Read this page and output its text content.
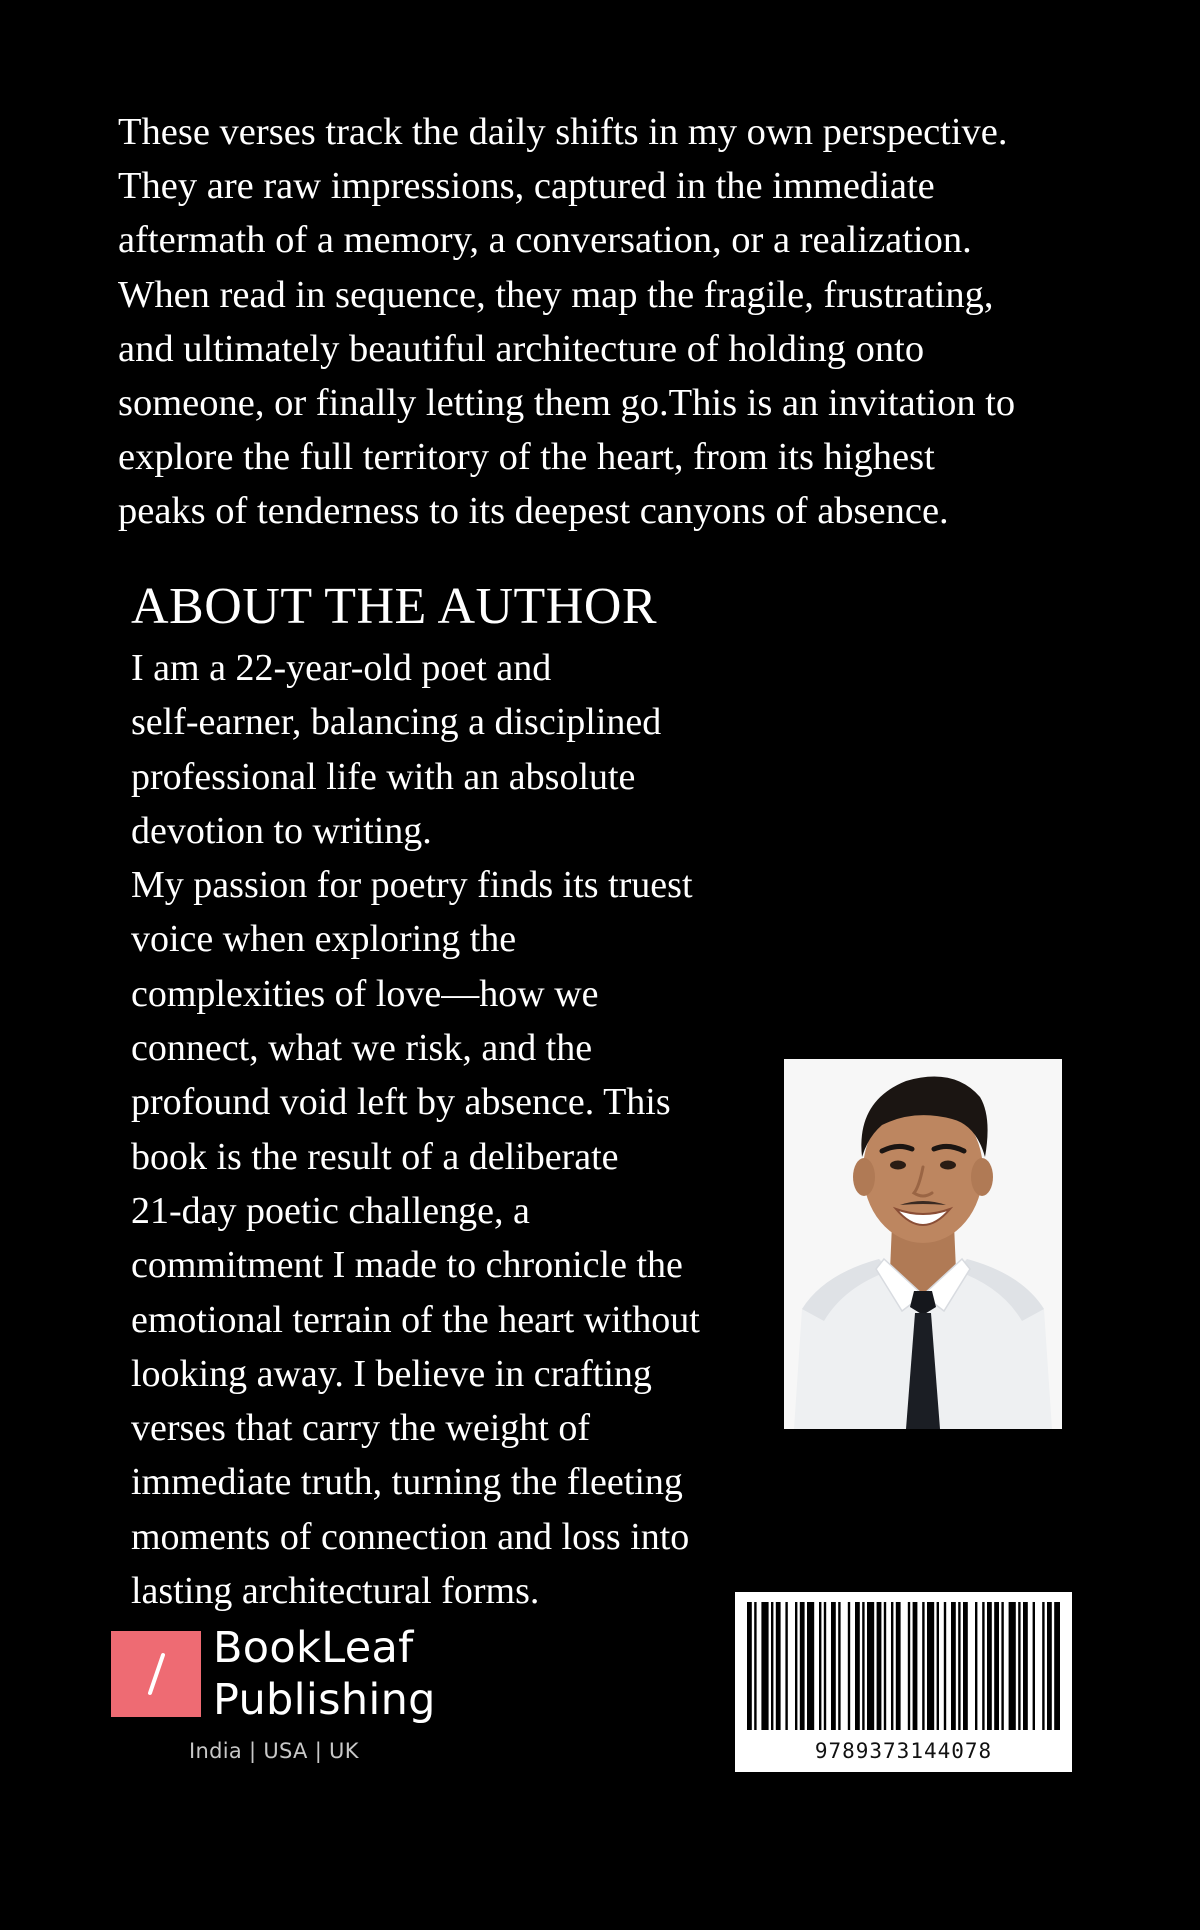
These verses track the daily shifts in my own perspective.
They are raw impressions, captured in the immediate
aftermath of a memory, a conversation, or a realization.
When read in sequence, they map the fragile, frustrating,
and ultimately beautiful architecture of holding onto
someone, or finally letting them go.This is an invitation to
explore the full territory of the heart, from its highest
peaks of tenderness to its deepest canyons of absence.

ABOUT THE AUTHOR

I am a 22-year-old poet and
self-earner, balancing a disciplined
professional life with an absolute
devotion to writing.
My passion for poetry finds its truest
voice when exploring the
complexities of love—how we
connect, what we risk, and the
profound void left by absence. This
book is the result of a deliberate
21-day poetic challenge, a
commitment I made to chronicle the
emotional terrain of the heart without
looking away. I believe in crafting
verses that carry the weight of
immediate truth, turning the fleeting
moments of connection and loss into
lasting architectural forms.

BookLeaf
Publishing
India | USA | UK	9789373144078
